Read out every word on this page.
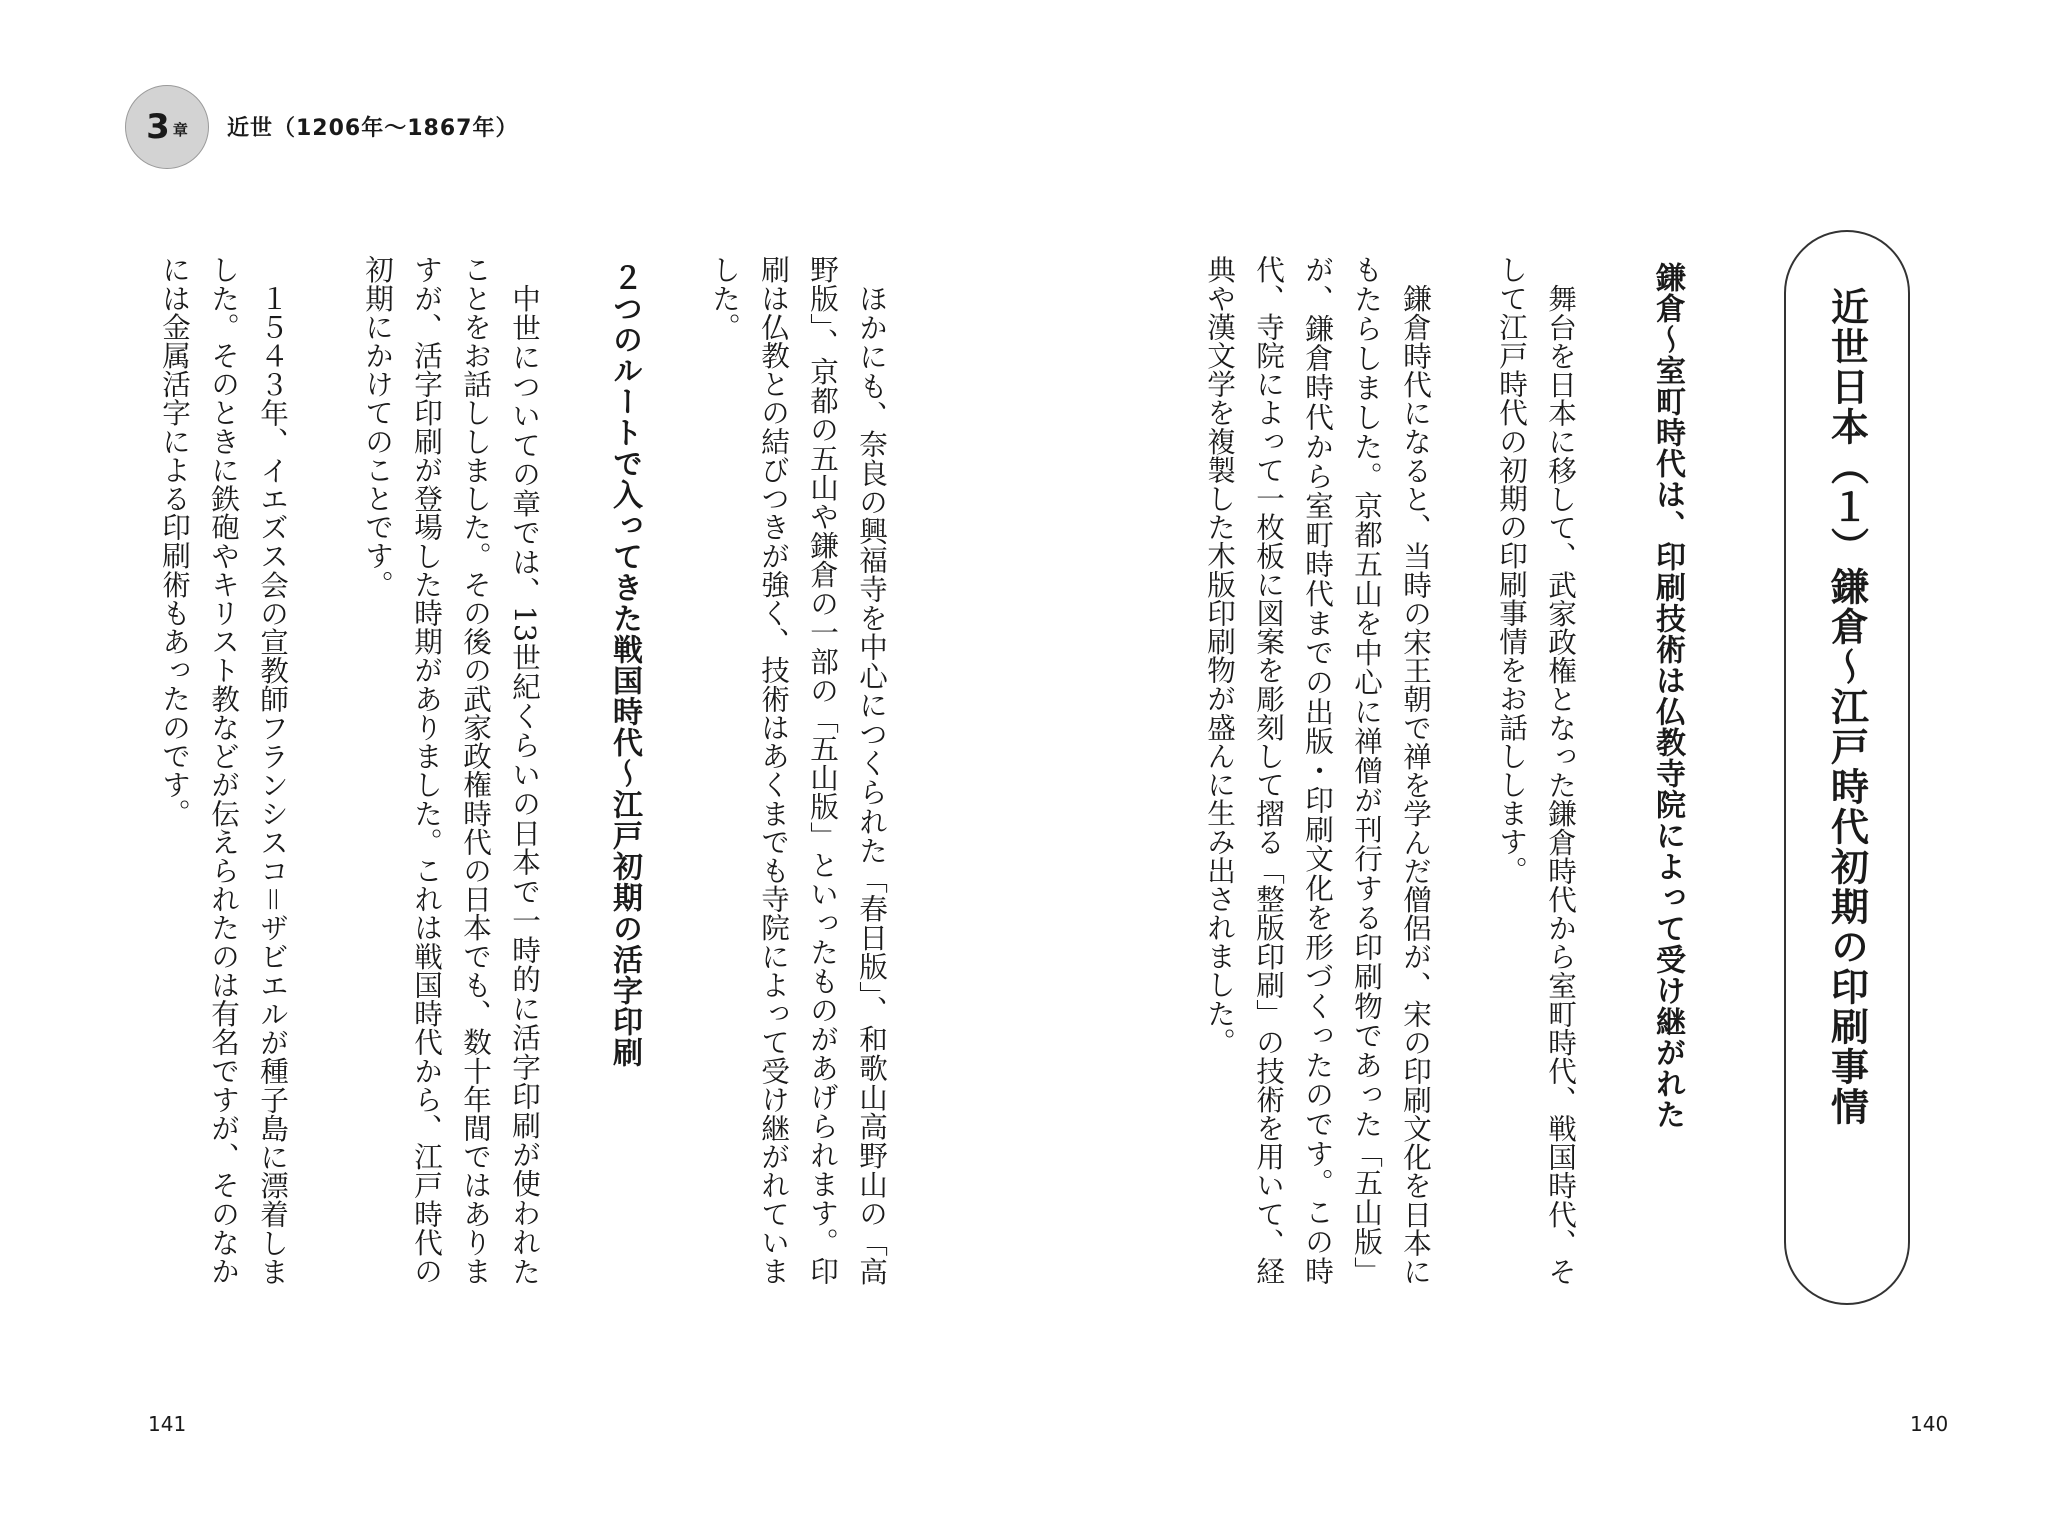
3 章 近世（1206年～1867年）
近世日本（１）鎌倉～江戸時代初期の印刷事情
鎌倉～室町時代は、印刷技術は仏教寺院によって受け継がれた

舞台を日本に移して、武家政権となった鎌倉時代から室町時代、戦国時代、そして江戸時代の初期の印刷事情をお話しします。

鎌倉時代になると、当時の宋王朝で禅を学んだ僧侶が、宋の印刷文化を日本にもたらしました。京都五山を中心に禅僧が刊行する印刷物であった「五山版」が、鎌倉時代から室町時代までの出版・印刷文化を形づくったのです。この時代、寺院によって一枚板に図案を彫刻して摺る「整版印刷」の技術を用いて、経典や漢文学を複製した木版印刷物が盛んに生み出されました。

140

ほかにも、奈良の興福寺を中心につくられた「春日版」、和歌山高野山の「高野版」、京都の五山や鎌倉の一部の「五山版」といったものがあげられます。印刷は仏教との結びつきが強く、技術はあくまでも寺院によって受け継がれていました。

２つのルートで入ってきた戦国時代～江戸初期の活字印刷

中世についての章では、13世紀くらいの日本で一時的に活字印刷が使われたことをお話ししました。その後の武家政権時代の日本でも、数十年間ではありますが、活字印刷が登場した時期がありました。これは戦国時代から、江戸時代の初期にかけてのことです。

１５４３年、イエズス会の宣教師フランシスコ＝ザビエルが種子島に漂着しました。そのときに鉄砲やキリスト教などが伝えられたのは有名ですが、そのなかには金属活字による印刷術もあったのです。

141
